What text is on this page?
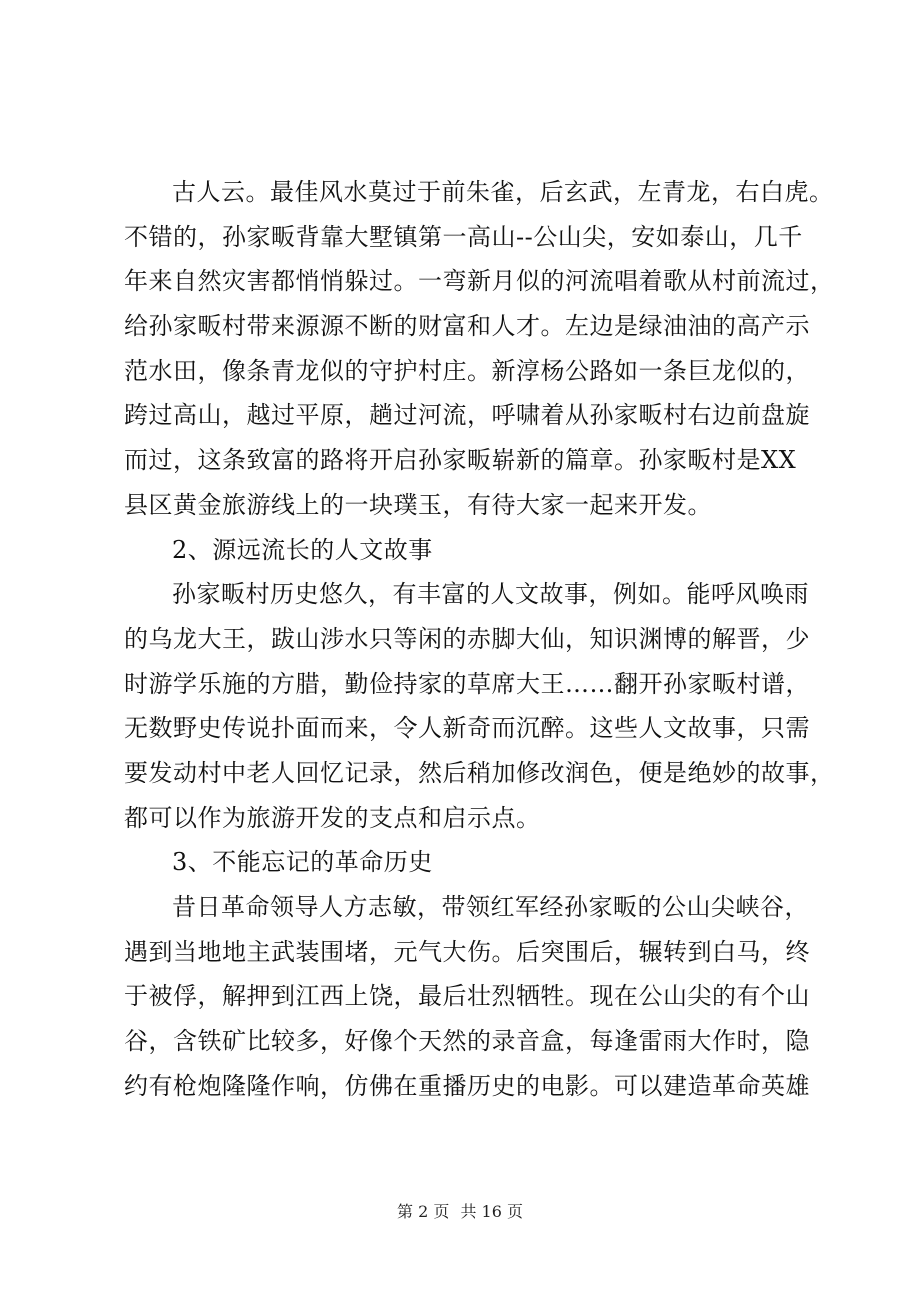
古人云。最佳风水莫过于前朱雀，后玄武，左青龙，右白虎。
不错的，孙家畈背靠大墅镇第一高山--公山尖，安如泰山，几千
年来自然灾害都悄悄躲过。一弯新月似的河流唱着歌从村前流过，
给孙家畈村带来源源不断的财富和人才。左边是绿油油的高产示
范水田，像条青龙似的守护村庄。新淳杨公路如一条巨龙似的，
跨过高山，越过平原，趟过河流，呼啸着从孙家畈村右边前盘旋
而过，这条致富的路将开启孙家畈崭新的篇章。孙家畈村是XX
县区黄金旅游线上的一块璞玉，有待大家一起来开发。
2、源远流长的人文故事
孙家畈村历史悠久，有丰富的人文故事，例如。能呼风唤雨
的乌龙大王，跋山涉水只等闲的赤脚大仙，知识渊博的解晋，少
时游学乐施的方腊，勤俭持家的草席大王……翻开孙家畈村谱，
无数野史传说扑面而来，令人新奇而沉醉。这些人文故事，只需
要发动村中老人回忆记录，然后稍加修改润色，便是绝妙的故事，
都可以作为旅游开发的支点和启示点。
3、不能忘记的革命历史
昔日革命领导人方志敏，带领红军经孙家畈的公山尖峡谷，
遇到当地地主武装围堵，元气大伤。后突围后，辗转到白马，终
于被俘，解押到江西上饶，最后壮烈牺牲。现在公山尖的有个山
谷，含铁矿比较多，好像个天然的录音盒，每逢雷雨大作时，隐
约有枪炮隆隆作响，仿佛在重播历史的电影。可以建造革命英雄
第 2 页 共 16 页
